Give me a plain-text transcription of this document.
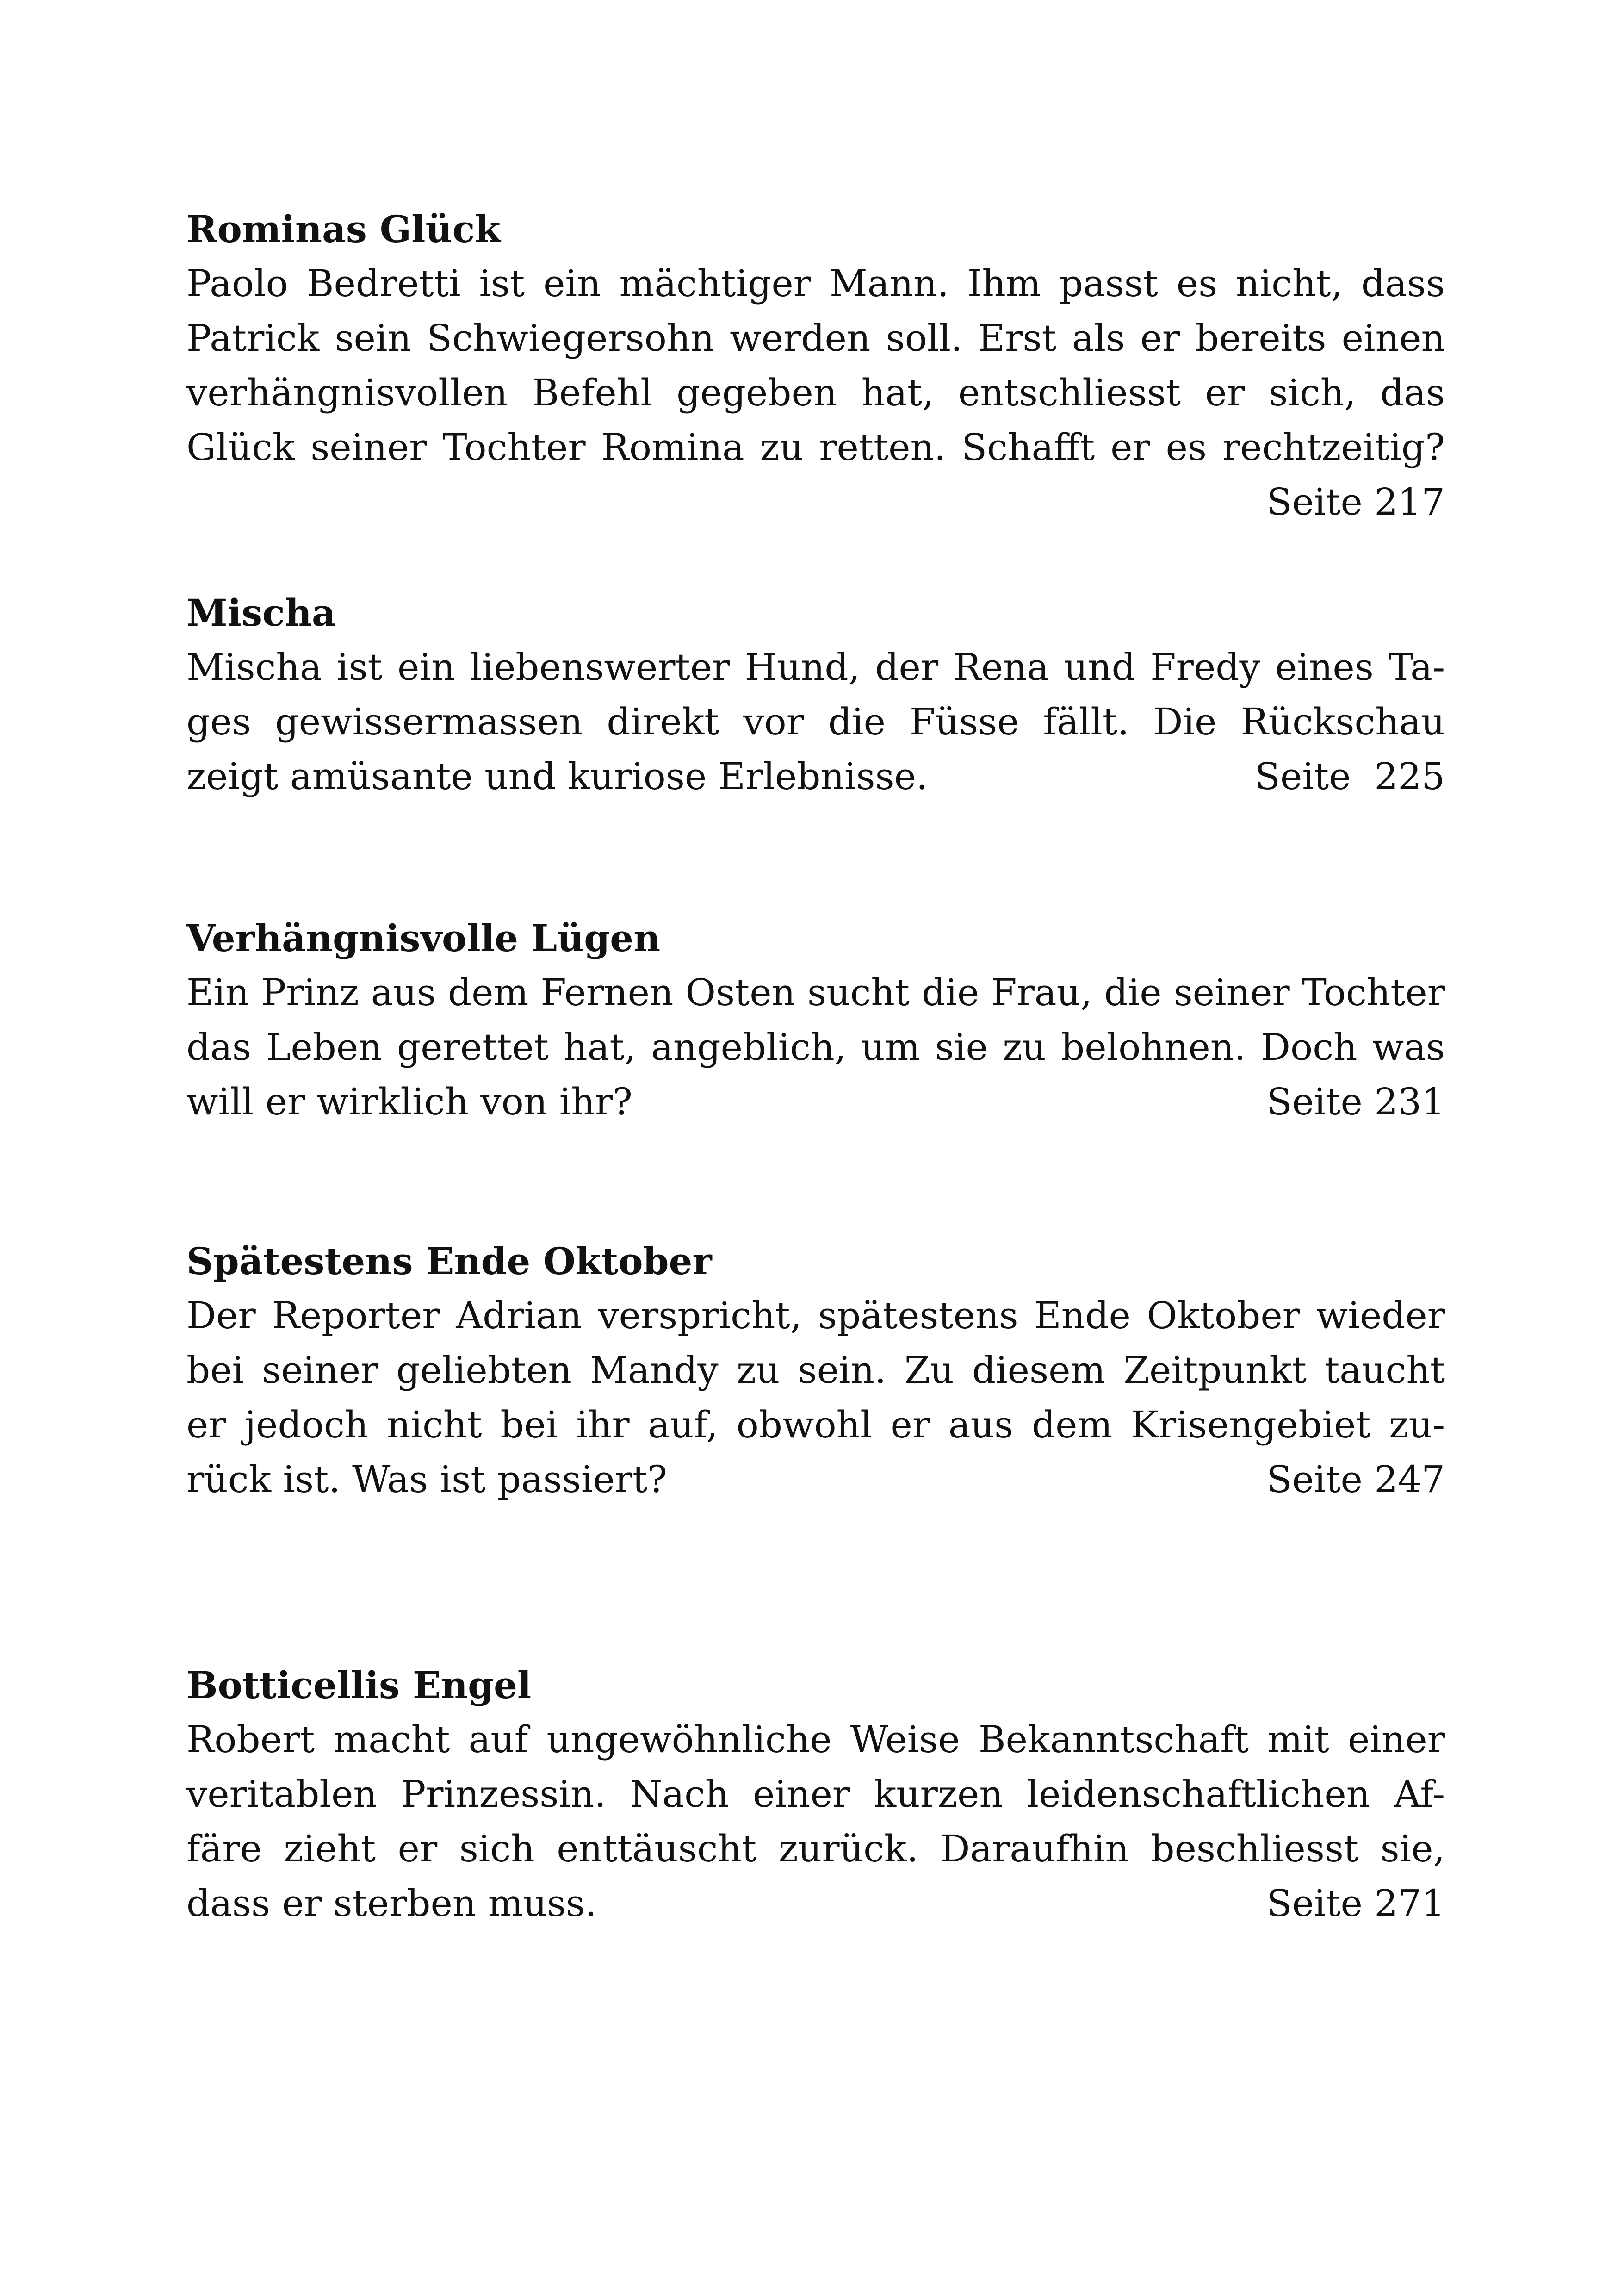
Rominas Glück
Paolo Bedretti ist ein mächtiger Mann. Ihm passt es nicht, dass
Patrick sein Schwiegersohn werden soll. Erst als er bereits einen
verhängnisvollen Befehl gegeben hat, entschliesst er sich, das
Glück seiner Tochter Romina zu retten. Schafft er es rechtzeitig?
Seite 217
Mischa
Mischa ist ein liebenswerter Hund, der Rena und Fredy eines Ta-
ges gewissermassen direkt vor die Füsse fällt. Die Rückschau
zeigt amüsante und kuriose Erlebnisse.	Seite  225
Verhängnisvolle Lügen
Ein Prinz aus dem Fernen Osten sucht die Frau, die seiner Tochter
das Leben gerettet hat, angeblich, um sie zu belohnen. Doch was
will er wirklich von ihr?	Seite 231
Spätestens Ende Oktober
Der Reporter Adrian verspricht, spätestens Ende Oktober wieder
bei seiner geliebten Mandy zu sein. Zu diesem Zeitpunkt taucht
er jedoch nicht bei ihr auf, obwohl er aus dem Krisengebiet zu-
rück ist. Was ist passiert?	Seite 247
Botticellis Engel
Robert macht auf ungewöhnliche Weise Bekanntschaft mit einer
veritablen Prinzessin. Nach einer kurzen leidenschaftlichen Af-
färe zieht er sich enttäuscht zurück. Daraufhin beschliesst sie,
dass er sterben muss.	Seite 271
